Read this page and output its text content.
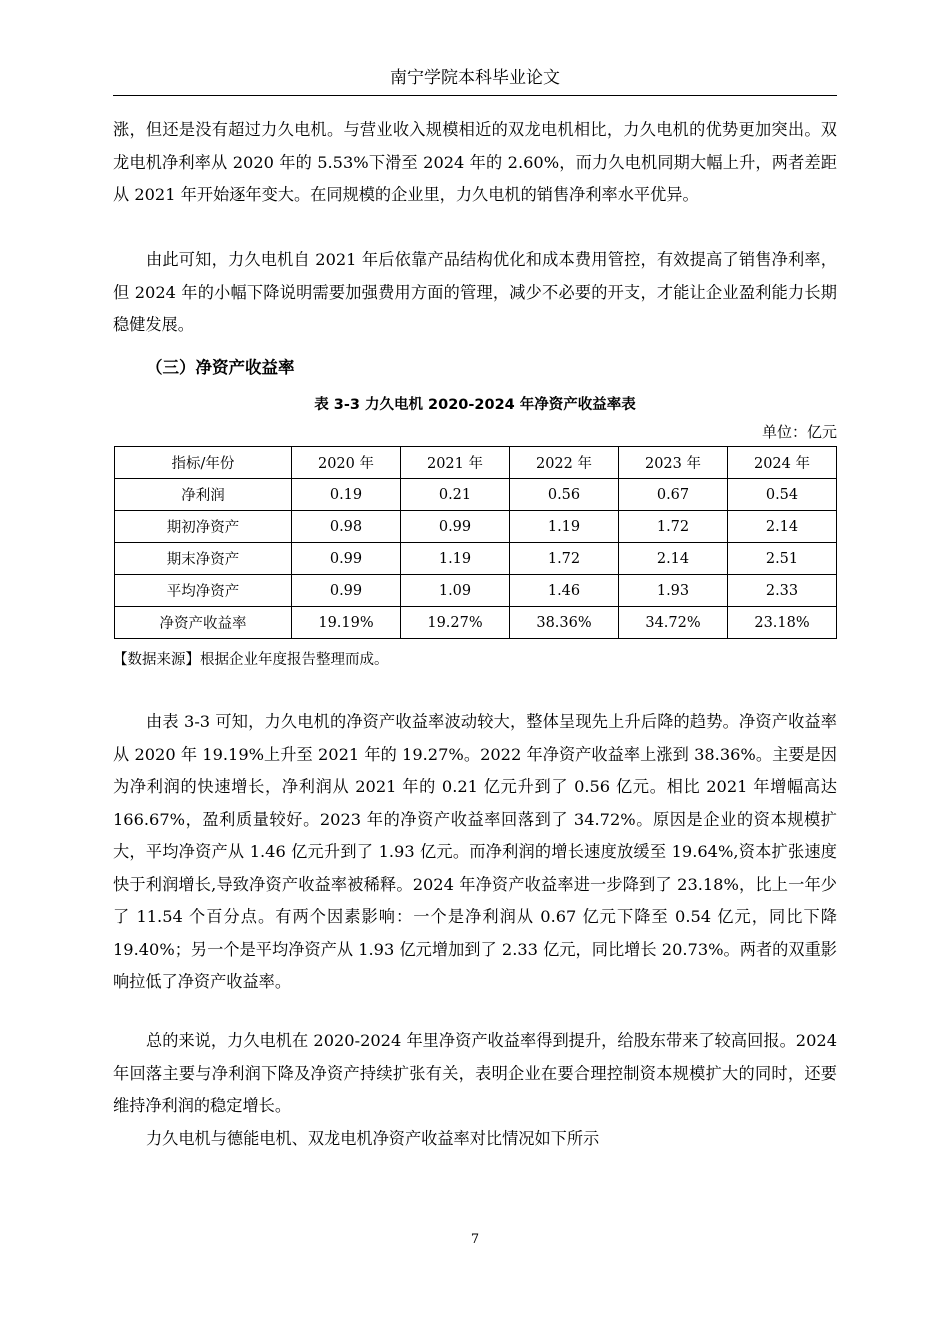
南宁学院本科毕业论文

涨，但还是没有超过力久电机。与营业收入规模相近的双龙电机相比，力久电机的优势更加突出。双龙电机净利率从 2020 年的 5.53%下滑至 2024 年的 2.60%，而力久电机同期大幅上升，两者差距从 2021 年开始逐年变大。在同规模的企业里，力久电机的销售净利率水平优异。

由此可知，力久电机自 2021 年后依靠产品结构优化和成本费用管控，有效提高了销售净利率，但 2024 年的小幅下降说明需要加强费用方面的管理，减少不必要的开支，才能让企业盈利能力长期稳健发展。

（三）净资产收益率
表 3-3 力久电机 2020-2024 年净资产收益率表
单位：亿元
指标/年份	2020 年	2021 年	2022 年	2023 年	2024 年
净利润	0.19	0.21	0.56	0.67	0.54
期初净资产	0.98	0.99	1.19	1.72	2.14
期末净资产	0.99	1.19	1.72	2.14	2.51
平均净资产	0.99	1.09	1.46	1.93	2.33
净资产收益率	19.19%	19.27%	38.36%	34.72%	23.18%
【数据来源】根据企业年度报告整理而成。

由表 3-3 可知，力久电机的净资产收益率波动较大，整体呈现先上升后降的趋势。净资产收益率从 2020 年 19.19%上升至 2021 年的 19.27%。2022 年净资产收益率上涨到 38.36%。主要是因为净利润的快速增长，净利润从 2021 年的 0.21 亿元升到了 0.56 亿元。相比 2021 年增幅高达 166.67%，盈利质量较好。2023 年的净资产收益率回落到了 34.72%。原因是企业的资本规模扩大，平均净资产从 1.46 亿元升到了 1.93 亿元。而净利润的增长速度放缓至 19.64%,资本扩张速度快于利润增长,导致净资产收益率被稀释。2024 年净资产收益率进一步降到了 23.18%，比上一年少了 11.54 个百分点。有两个因素影响：一个是净利润从 0.67 亿元下降至 0.54 亿元，同比下降 19.40%；另一个是平均净资产从 1.93 亿元增加到了 2.33 亿元，同比增长 20.73%。两者的双重影响拉低了净资产收益率。

总的来说，力久电机在 2020-2024 年里净资产收益率得到提升，给股东带来了较高回报。2024 年回落主要与净利润下降及净资产持续扩张有关，表明企业在要合理控制资本规模扩大的同时，还要维持净利润的稳定增长。

力久电机与德能电机、双龙电机净资产收益率对比情况如下所示

7
